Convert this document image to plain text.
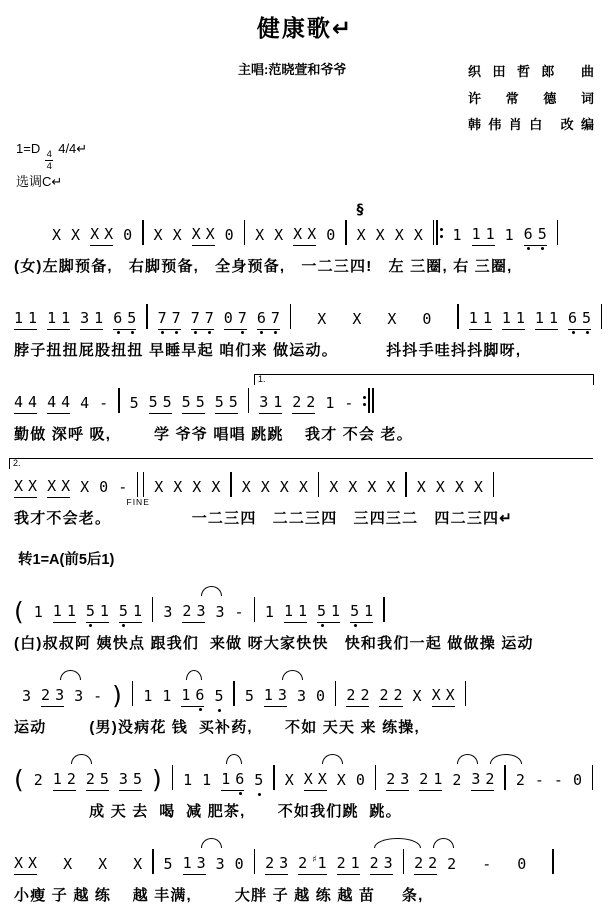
健康歌↵
主唱:范晓萱和爷爷	织田哲郎 曲
许 常 德 词
韩伟肖白 改编
1=D
$\frac{4}{4}$
4/4↵
选调C↵
X X X X 0 X X X X 0 X X X X 0 X X X X 1 1 1 1 6 5
(女)左脚预备,   右脚预备,   全身预备,   一二三四!   左 三圈, 右 三圈,
§
1 1 1 1 3 1 6 5 7 7 7 7 0 7 6 7 X X X 0 1 1 1 1 1 1 6 5
脖子扭扭屁股扭扭 早睡早起 咱们来 做运动。         抖抖手哇抖抖脚呀,
4 4 4 4 4 - 5 5 5 5 5 5 5 3 1 2 2 1 -
勤做 深呼 吸,        学 爷爷 唱唱 跳跳    我才 不会 老。
1.
X X X X X 0 - X X X X X X X X X X X X X X X X
我才不会老。               一二三四   二二三四   三四三二   四二三四↵
2.
FINE
转1=A(前5后1)
( 1 1 1 5 1 5 1 3 2 3 3 - 1 1 1 5 1 5 1
(白)叔叔阿 姨快点 跟我们  来做 呀大家快快   快和我们一起 做做操 运动
3 2 3 3 - ) 1 1 1 6 5 5 1 3 3 0 2 2 2 2 X X X
运动        (男)没病花 钱  买补药,      不如 天天 来 练操,
( 2 1 2 2 5 3 5 ) 1 1 1 6 5 X X X X 0 2 3 2 1 2 3 2 2 - - 0
成 天 去  喝  减 肥茶,      不如我们跳  跳。
X X X X X 5 1 3 3 0 2 3 2 ♯1 2 1 2 3 2 2 2 - 0
小瘦 子 越 练    越 丰满,        大胖 子 越 练 越 苗     条,
